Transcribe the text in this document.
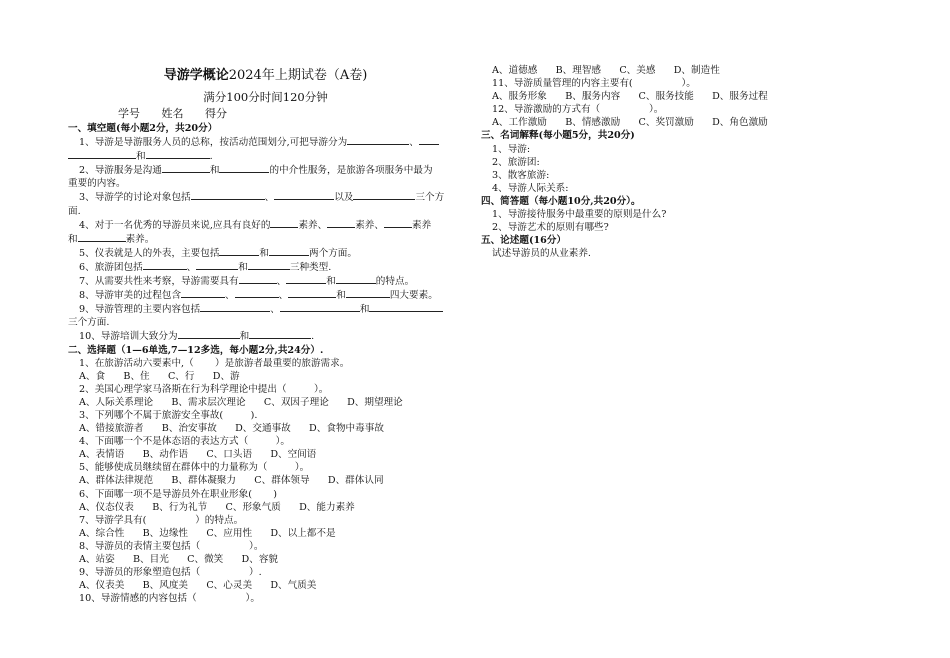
导游学概论2024年上期试卷（A卷)
满分100分时间120分钟
学号 姓名 得分
一、填空题(每小题2分，共20分）
1、导游是导游服务人员的总称，按活动范围划分,可把导游分为	、
和	.
2、导游服务是沟通	和	的中介性服务，是旅游各项服务中最为
重要的内容。
3、导游学的讨论对象包括	、	以及	三个方
面.
4、对于一名优秀的导游员来说,应具有良好的	素养、	素养、	素养
和	素养。
5、仪表就是人的外表，主要包括	和	两个方面。
6、旅游团包括	、	和	三种类型.
7、从需要共性来考察，导游需要具有	、	和	的特点。
8、导游审美的过程包含	、	、	和	四大要素。
9、导游管理的主要内容包括	、	和
三个方面.
10、导游培训大致分为	和	.
二、选择题（1—6单选,7—12多选，每小题2分,共24分）.
1、在旅游活动六要素中,（       ）是旅游者最重要的旅游需求。
A、食      B、住      C、行      D、游
2、美国心理学家马洛斯在行为科学理论中提出（         ）。
A、人际关系理论      B、需求层次理论      C、双因子理论      D、期望理论
3、下列哪个不属于旅游安全事故(         ).
A、错接旅游者      B、治安事故      D、交通事故      D、食物中毒事故
4、下面哪一个不是体态语的表达方式（         ）。
A、表情语      B、动作语      C、口头语      D、空间语
5、能够使成员继续留在群体中的力量称为（         ）。
A、群体法律规范      B、群体凝聚力      C、群体领导      D、群体认同
6、下面哪一项不是导游员外在职业形象(       )
A、仪态仪表      B、行为礼节      C、形象气质      D、能力素养
7、导游学具有(                ）的特点。
A、综合性      B、边缘性      C、应用性      D、以上都不是
8、导游员的表情主要包括（                ）。
A、站姿      B、目光      C、微笑      D、容貌
9、导游员的形象塑造包括（                ）.
A、仪表美      B、风度美      C、心灵美      D、气质美
10、导游情感的内容包括（                ）。
A、道德感      B、理智感      C、美感      D、制造性
11、导游质量管理的内容主要有(                ）。
A、服务形象      B、服务内容      C、服务技能      D、服务过程
12、导游激励的方式有（                ）。
A、工作激励      B、情感激励      C、奖罚激励      D、角色激励
三、名词解释(每小题5分，共20分)
1、导游:
2、旅游团:
3、散客旅游:
4、导游人际关系:
四、简答题（每小题10分,共20分）。
1、导游接待服务中最重要的原则是什么?
2、导游艺术的原则有哪些?
五、论述题(16分）
试述导游员的从业素养.
